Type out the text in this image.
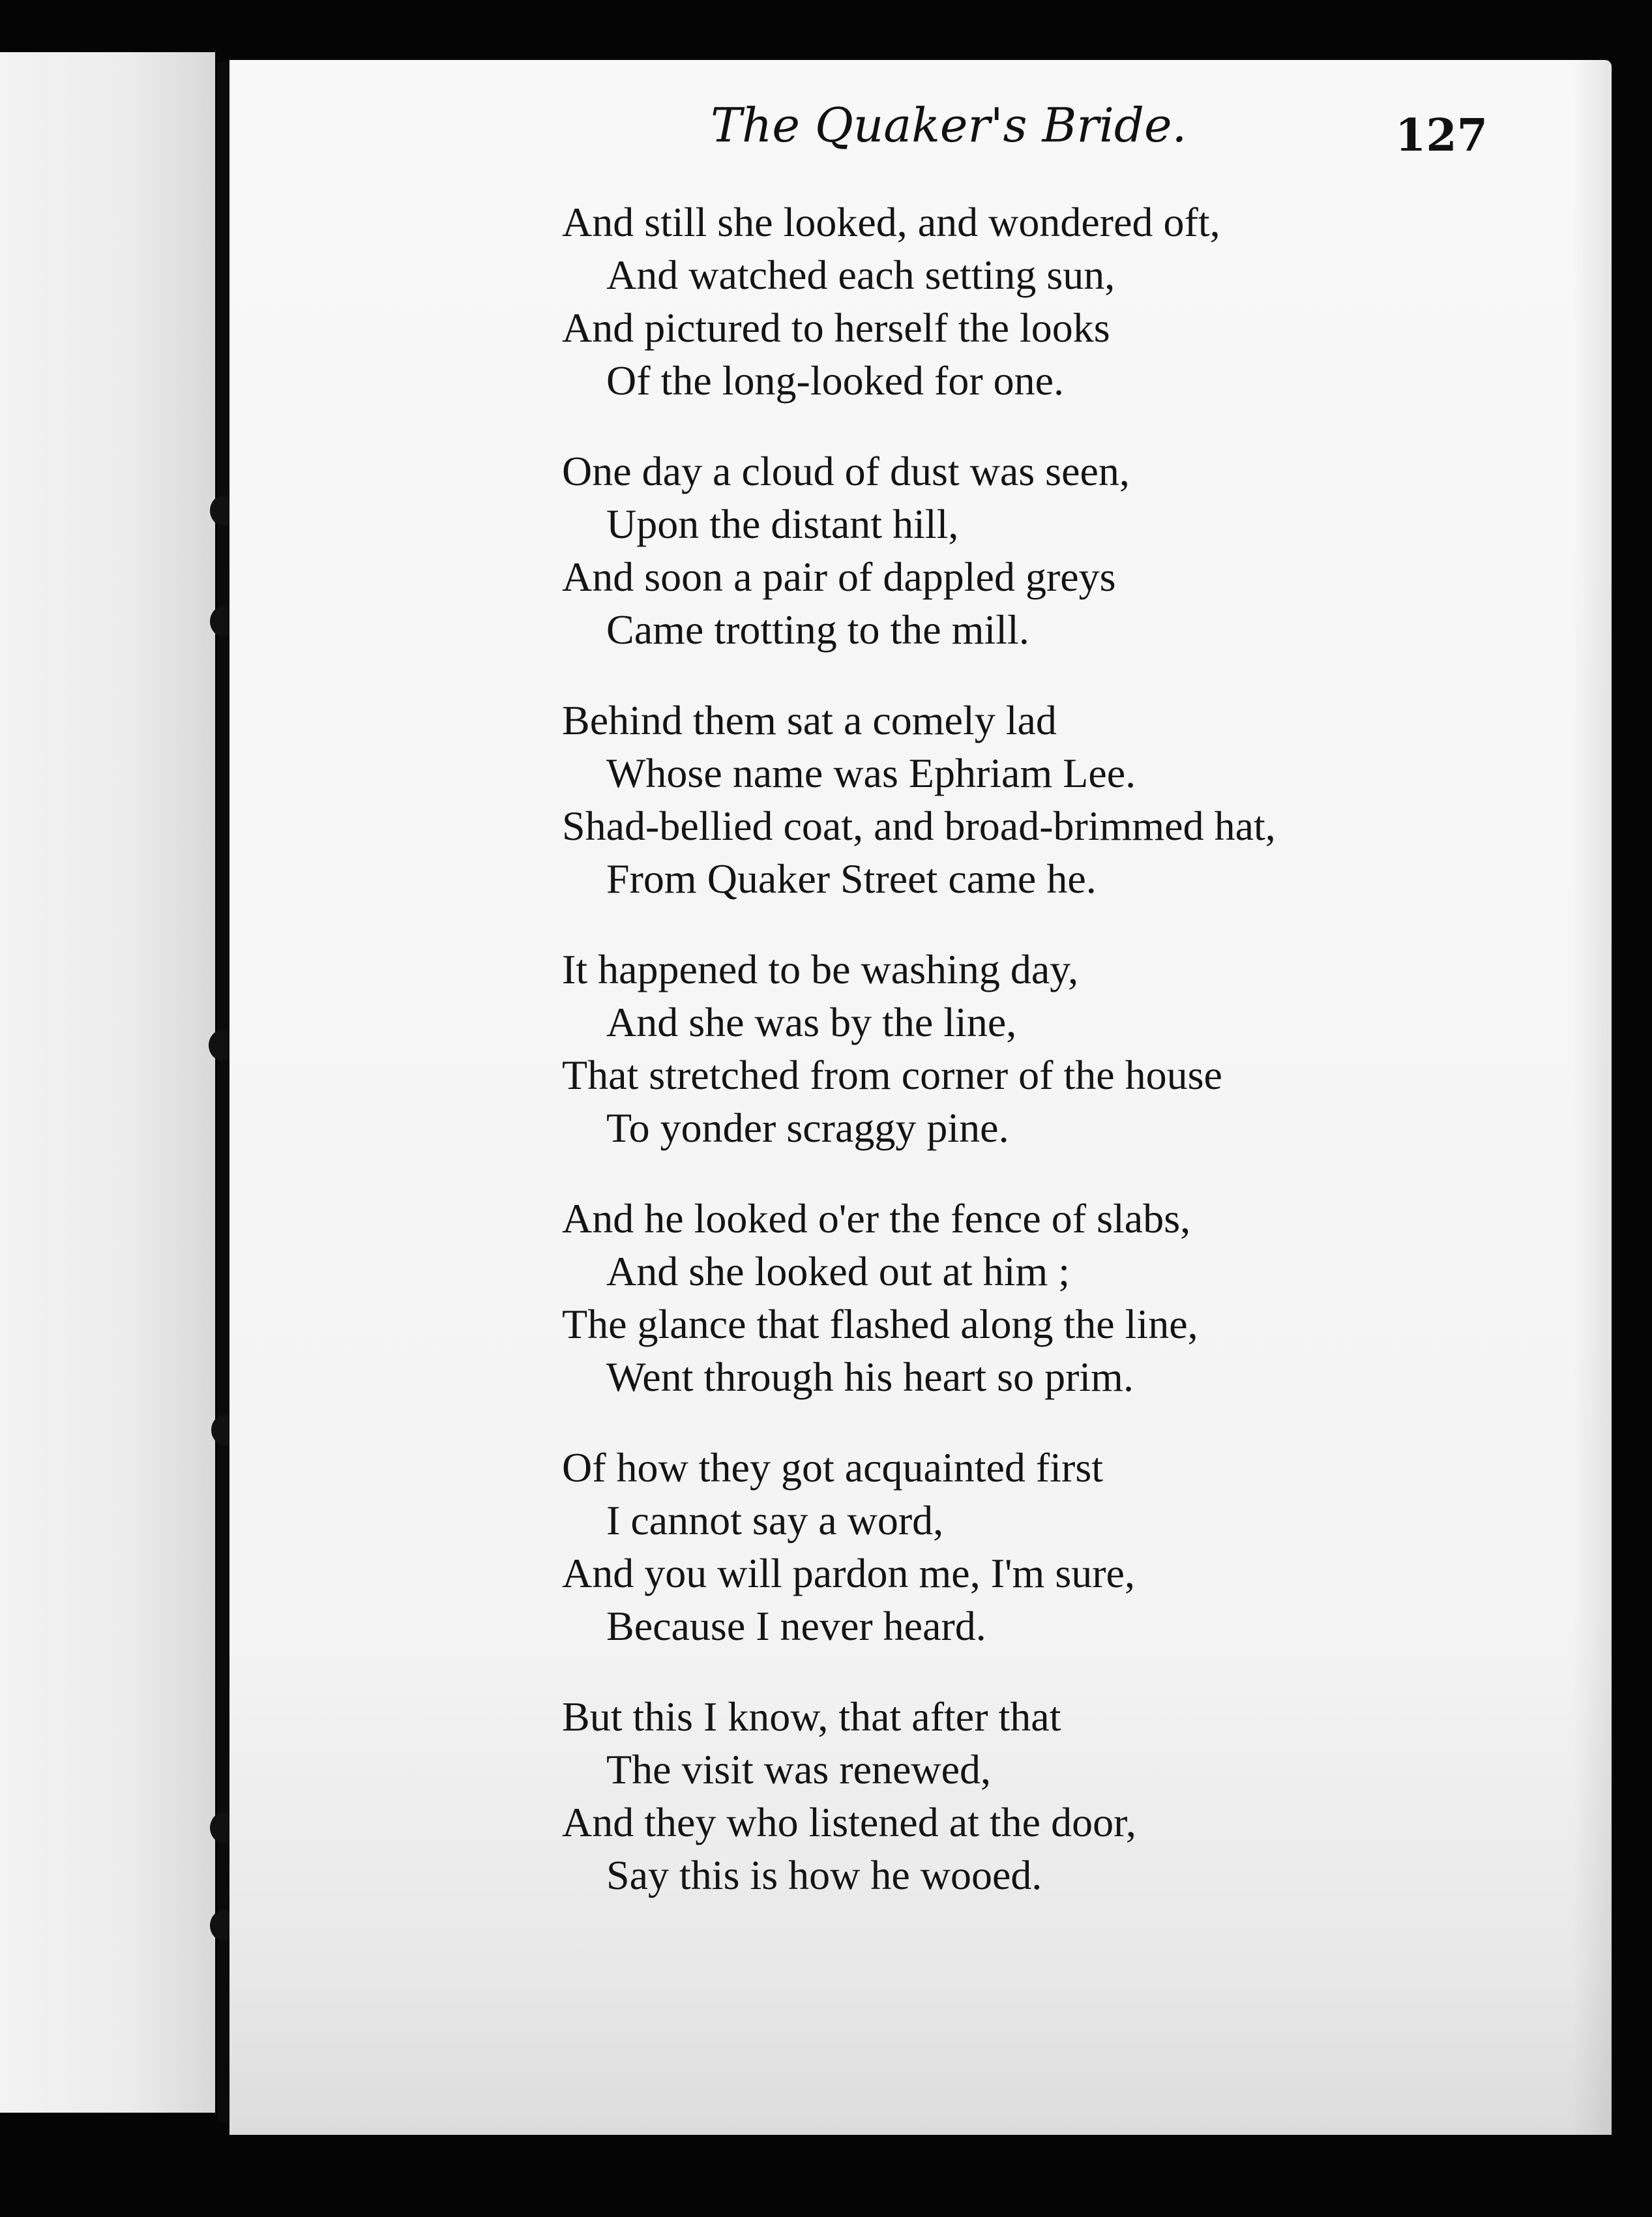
The Quaker's Bride.	127
And still she looked, and wondered oft,
And watched each setting sun,
And pictured to herself the looks
Of the long-looked for one.
One day a cloud of dust was seen,
Upon the distant hill,
And soon a pair of dappled greys
Came trotting to the mill.
Behind them sat a comely lad
Whose name was Ephriam Lee.
Shad-bellied coat, and broad-brimmed hat,
From Quaker Street came he.
It happened to be washing day,
And she was by the line,
That stretched from corner of the house
To yonder scraggy pine.
And he looked o'er the fence of slabs,
And she looked out at him ;
The glance that flashed along the line,
Went through his heart so prim.
Of how they got acquainted first
I cannot say a word,
And you will pardon me, I'm sure,
Because I never heard.
But this I know, that after that
The visit was renewed,
And they who listened at the door,
Say this is how he wooed.
